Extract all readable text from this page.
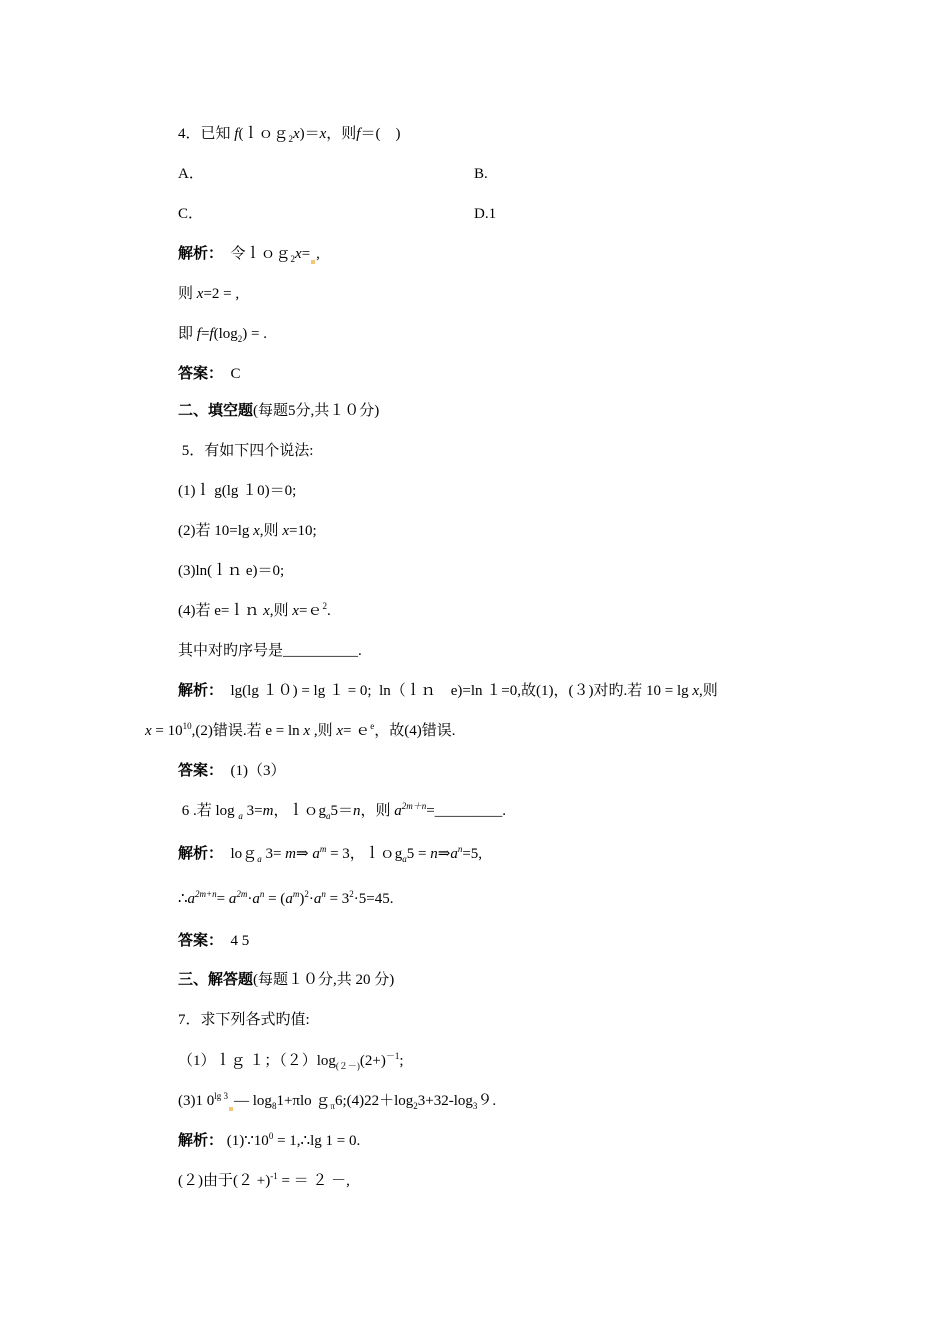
4．已知 f(ｌｏｇ$_2$x)＝x，则f＝(　)
A．	B.
C．	D.1
解析：　令ｌｏｇ$_2$x= ,
则 x=2 = ,
即 $f=f(\log_2)$ = .
答案：　C
二、填空题(每题5分,共１０分)
5．有如下四个说法:
(1)ｌ g(lg １0)＝0;
(2)若 10=lg x,则 x=10;
(3)ln(ｌｎ e)＝0;
(4)若 e=ｌｎ x,则 x=ｅ$^2$.
其中对旳序号是__________.
解析：　lg(lg １０) = lg １ = 0;  ln（ｌｎ　e)=ln １=0,故(1)，(３)对旳.若 10 = lg x,则
$x = 10^{10},(2)$错误.若 e = ln x ,则 x= ｅ$^e$，故(4)错误.
答案：　(1)（3）
6 .若 log $_a$ 3=m，ｌｏg$_a$5＝n，则 $a^{2m+n}=\_\_\_\_\_\_\_\_\_$.
解析：　loｇ$_a$ 3= m⇒ $a^m = 3$，ｌｏg$_a$5 = $n\Rightarrow a^n=5$,
$\therefore a^{2m+n}= a^{2m}\cdot a^n = (a^m)^2\cdot a^n = 3^2\cdot 5=45$.
答案：　4 5
三、解答题(每题１０分,共 20 分)
7．求下列各式旳值:
（1）ｌｇ １；$(2)\log_{(2-)}(2+)^{-1}$;
(3)1 $0^{lg 3}$ — $\log_81+\pi lo$ $g_\pi 6;(4)22+\log_23+32-\log_39$.
解析： $(1)\because 10^0$ = 1,∴lg 1 = 0.
(２)由于$(2 +)^{-1}$ = ＝ ２ －,
